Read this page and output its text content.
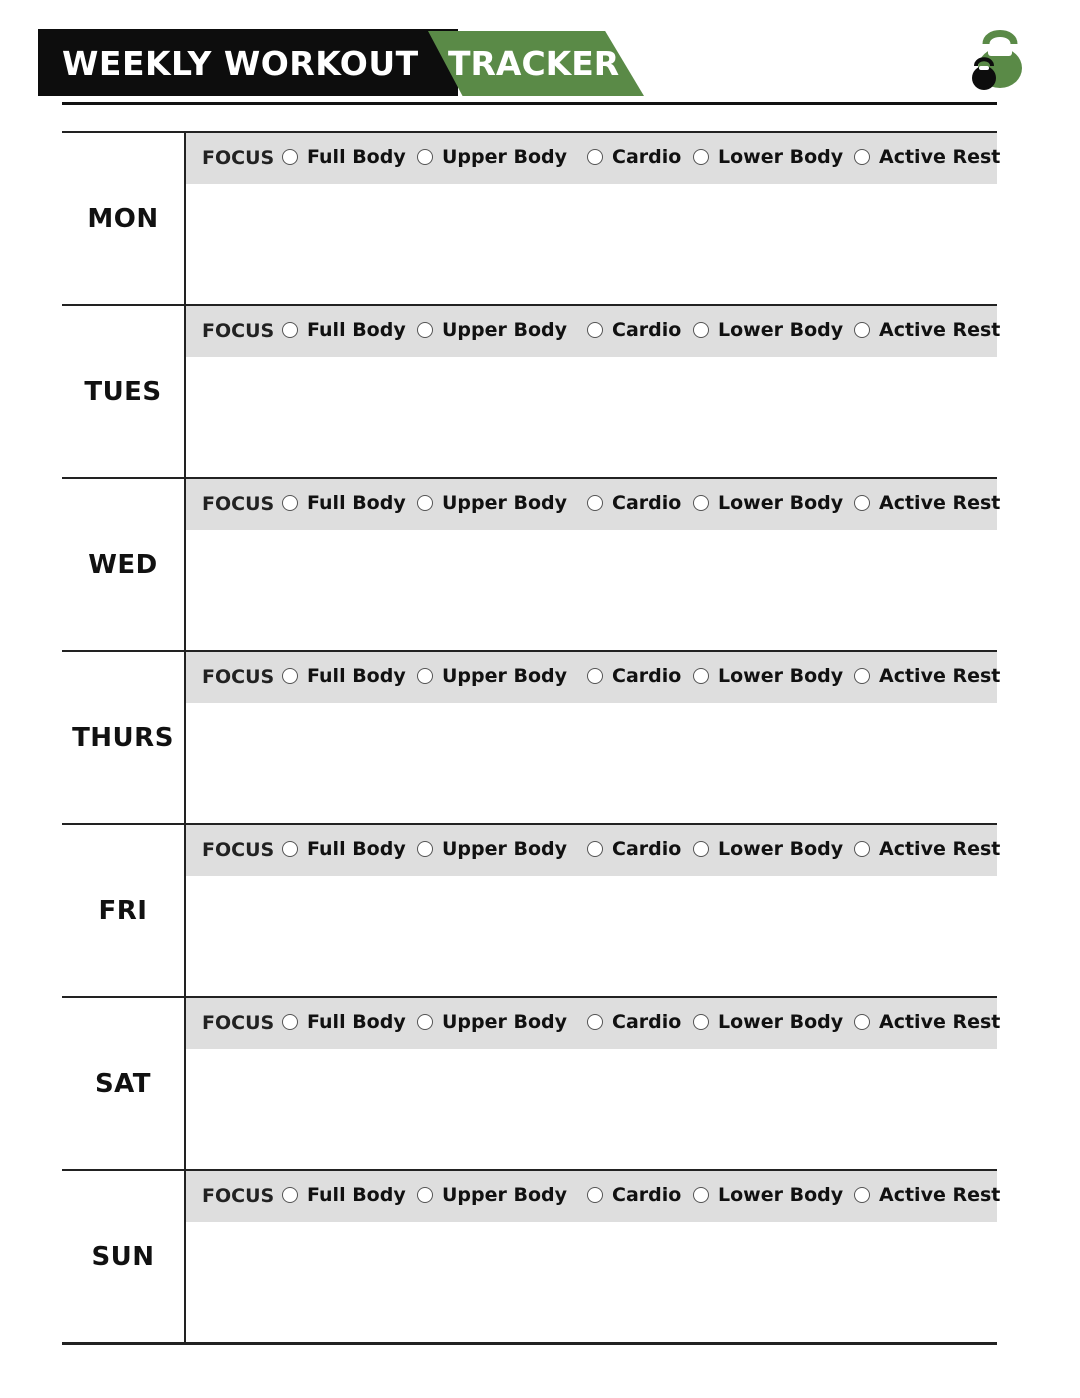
WEEKLY WORKOUT TRACKER
MON
FOCUS Full Body Upper Body Cardio Lower Body Active Rest
TUES
FOCUS Full Body Upper Body Cardio Lower Body Active Rest
WED
FOCUS Full Body Upper Body Cardio Lower Body Active Rest
THURS
FOCUS Full Body Upper Body Cardio Lower Body Active Rest
FRI
FOCUS Full Body Upper Body Cardio Lower Body Active Rest
SAT
FOCUS Full Body Upper Body Cardio Lower Body Active Rest
SUN
FOCUS Full Body Upper Body Cardio Lower Body Active Rest
